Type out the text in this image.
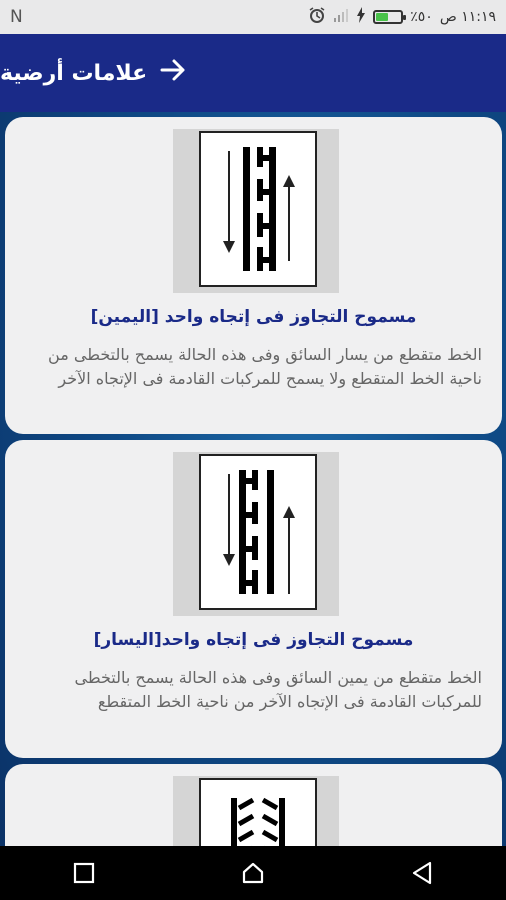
N	٪٥٠ ١١:١٩ ص
علامات أرضية
مسموح التجاوز فى إتجاه واحد [اليمين]
الخط متقطع من يسار السائق وفى هذه الحالة يسمح بالتخطى من ناحية الخط المتقطع ولا يسمح للمركبات القادمة فى الإتجاه الآخر
مسموح التجاوز فى إتجاه واحد[اليسار]
الخط متقطع من يمين السائق وفى هذه الحالة يسمح بالتخطى للمركبات القادمة فى الإتجاه الآخر من ناحية الخط المتقطع
